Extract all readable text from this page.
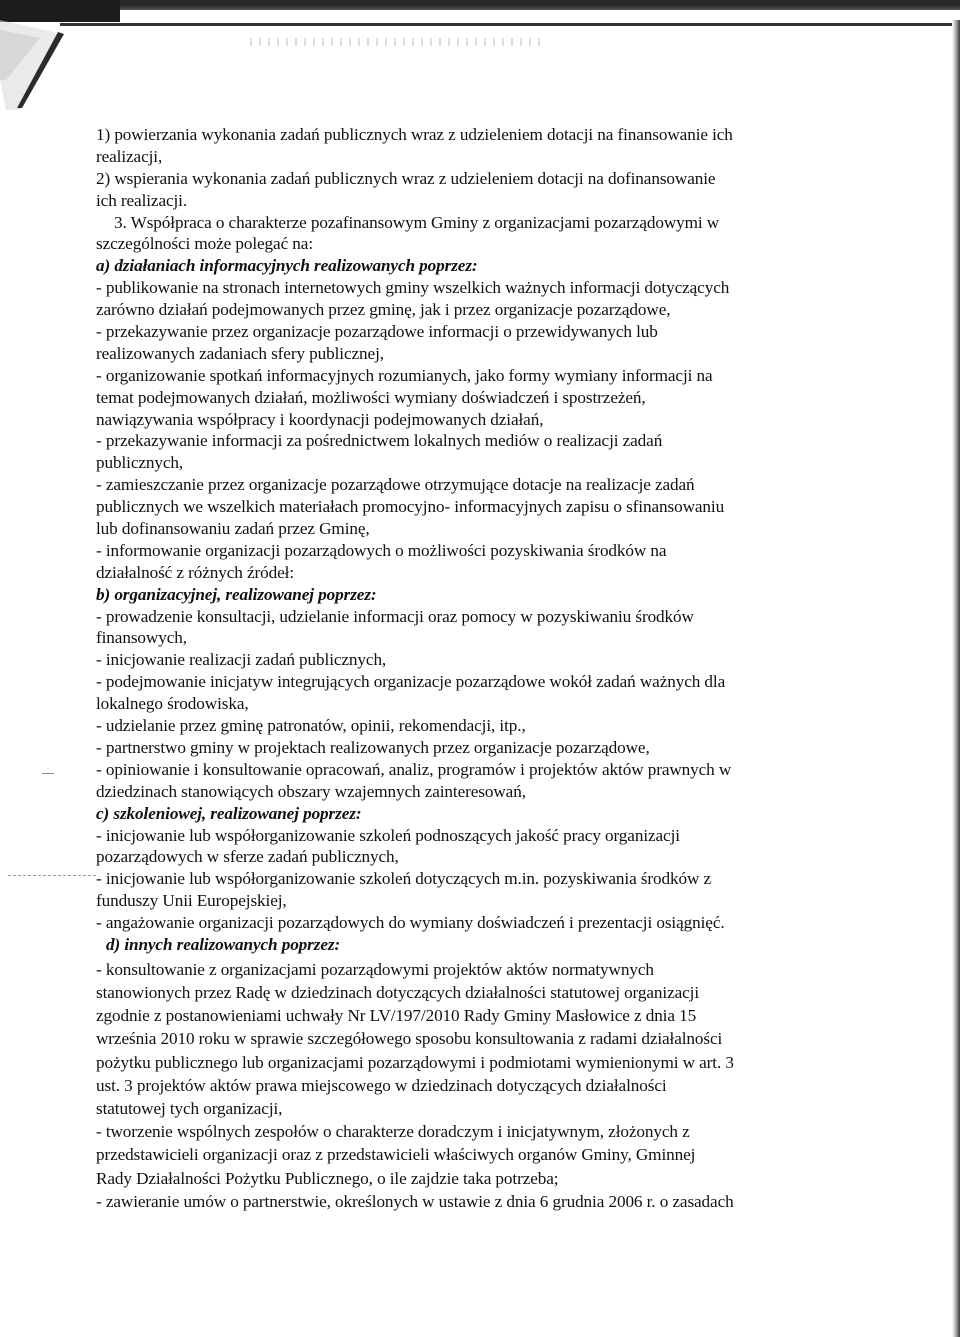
1) powierzania wykonania zadań publicznych wraz z udzieleniem dotacji na finansowanie ich
realizacji,
2) wspierania wykonania zadań publicznych wraz z udzieleniem dotacji na dofinansowanie
ich realizacji.
3. Współpraca o charakterze pozafinansowym Gminy z organizacjami pozarządowymi w
szczególności może polegać na:
a) działaniach informacyjnych realizowanych poprzez:
- publikowanie na stronach internetowych gminy wszelkich ważnych informacji dotyczących
zarówno działań podejmowanych przez gminę, jak i przez organizacje pozarządowe,
- przekazywanie przez organizacje pozarządowe informacji o przewidywanych lub
realizowanych zadaniach sfery publicznej,
- organizowanie spotkań informacyjnych rozumianych, jako formy wymiany informacji na
temat podejmowanych działań, możliwości wymiany doświadczeń i spostrzeżeń,
nawiązywania współpracy i koordynacji podejmowanych działań,
- przekazywanie informacji za pośrednictwem lokalnych mediów o realizacji zadań
publicznych,
- zamieszczanie przez organizacje pozarządowe otrzymujące dotacje na realizacje zadań
publicznych we wszelkich materiałach promocyjno- informacyjnych zapisu o sfinansowaniu
lub dofinansowaniu zadań przez Gminę,
- informowanie organizacji pozarządowych o możliwości pozyskiwania środków na
działalność z różnych źródeł:
b) organizacyjnej, realizowanej poprzez:
- prowadzenie konsultacji, udzielanie informacji oraz pomocy w pozyskiwaniu środków
finansowych,
- inicjowanie realizacji zadań publicznych,
- podejmowanie inicjatyw integrujących organizacje pozarządowe wokół zadań ważnych dla
lokalnego środowiska,
- udzielanie przez gminę patronatów, opinii, rekomendacji, itp.,
- partnerstwo gminy w projektach realizowanych przez organizacje pozarządowe,
- opiniowanie i konsultowanie opracowań, analiz, programów i projektów aktów prawnych w
dziedzinach stanowiących obszary wzajemnych zainteresowań,
c) szkoleniowej, realizowanej poprzez:
- inicjowanie lub współorganizowanie szkoleń podnoszących jakość pracy organizacji
pozarządowych w sferze zadań publicznych,
- inicjowanie lub współorganizowanie szkoleń dotyczących m.in. pozyskiwania środków z
funduszy Unii Europejskiej,
- angażowanie organizacji pozarządowych do wymiany doświadczeń i prezentacji osiągnięć.
d) innych realizowanych poprzez:
- konsultowanie z organizacjami pozarządowymi projektów aktów normatywnych
stanowionych przez Radę w dziedzinach dotyczących działalności statutowej organizacji
zgodnie z postanowieniami uchwały Nr LV/197/2010 Rady Gminy Masłowice z dnia 15
września 2010 roku w sprawie szczegółowego sposobu konsultowania z radami działalności
pożytku publicznego lub organizacjami pozarządowymi i podmiotami wymienionymi w art. 3
ust. 3 projektów aktów prawa miejscowego w dziedzinach dotyczących działalności
statutowej tych organizacji,
- tworzenie wspólnych zespołów o charakterze doradczym i inicjatywnym, złożonych z
przedstawicieli organizacji oraz z przedstawicieli właściwych organów Gminy, Gminnej
Rady Działalności Pożytku Publicznego, o ile zajdzie taka potrzeba;
- zawieranie umów o partnerstwie, określonych w ustawie z dnia 6 grudnia 2006 r. o zasadach
